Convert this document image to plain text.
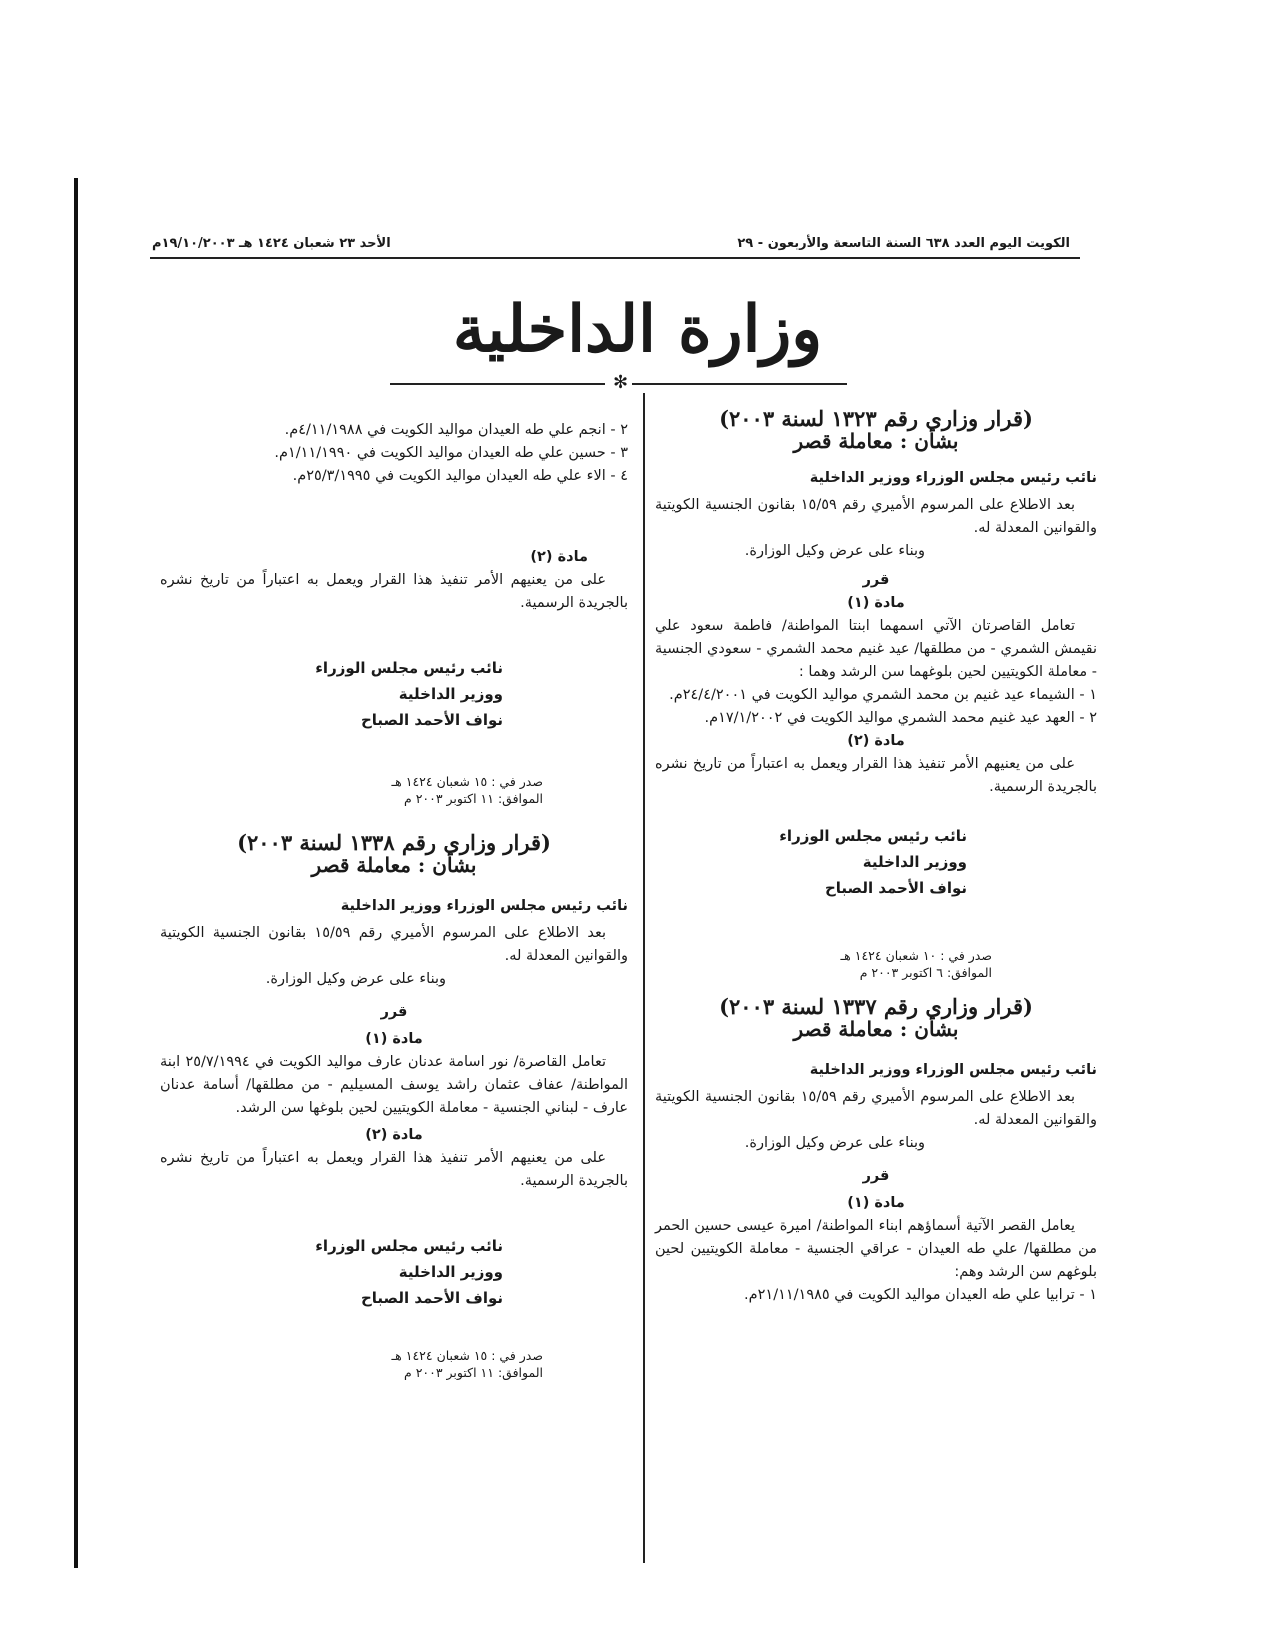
الكويت اليوم العدد ٦٣٨ السنة التاسعة والأربعون - ٢٩
الأحد ٢٣ شعبان ١٤٢٤ هـ ١٩/١٠/٢٠٠٣م
وزارة الداخلية
✻
(قرار وزاري رقم ١٣٢٣ لسنة ٢٠٠٣)
بشأن : معاملة قصر
نائب رئيس مجلس الوزراء ووزير الداخلية
بعد الاطلاع على المرسوم الأميري رقم ١٥/٥٩ بقانون الجنسية الكويتية والقوانين المعدلة له.
وبناء على عرض وكيل الوزارة.
قرر
مادة (١)
تعامل القاصرتان الآتي اسمهما ابنتا المواطنة/ فاطمة سعود علي نقيمش الشمري - من مطلقها/ عيد غنيم محمد الشمري - سعودي الجنسية - معاملة الكويتيين لحين بلوغهما سن الرشد وهما :
١ - الشيماء عيد غنيم بن محمد الشمري مواليد الكويت في ٢٤/٤/٢٠٠١م.
٢ - العهد عيد غنيم محمد الشمري مواليد الكويت في ١٧/١/٢٠٠٢م.
مادة (٢)
على من يعنيهم الأمر تنفيذ هذا القرار ويعمل به اعتباراً من تاريخ نشره بالجريدة الرسمية.
نائب رئيس مجلس الوزراء
ووزير الداخلية
نواف الأحمد الصباح
صدر في : ١٠ شعبان ١٤٢٤ هـ
الموافق: ٦ اكتوبر ٢٠٠٣ م
(قرار وزاري رقم ١٣٣٧ لسنة ٢٠٠٣)
بشأن : معاملة قصر
نائب رئيس مجلس الوزراء ووزير الداخلية
بعد الاطلاع على المرسوم الأميري رقم ١٥/٥٩ بقانون الجنسية الكويتية والقوانين المعدلة له.
وبناء على عرض وكيل الوزارة.
قرر
مادة (١)
يعامل القصر الآتية أسماؤهم ابناء المواطنة/ اميرة عيسى حسين الحمر من مطلقها/ علي طه العيدان - عراقي الجنسية - معاملة الكويتيين لحين بلوغهم سن الرشد وهم:
١ - ترابيا علي طه العيدان مواليد الكويت في ٢١/١١/١٩٨٥م.
٢ - انجم علي طه العيدان مواليد الكويت في ٤/١١/١٩٨٨م.
٣ - حسين علي طه العيدان مواليد الكويت في ١/١١/١٩٩٠م.
٤ - الاء علي طه العيدان مواليد الكويت في ٢٥/٣/١٩٩٥م.
مادة (٢)
على من يعنيهم الأمر تنفيذ هذا القرار ويعمل به اعتباراً من تاريخ نشره بالجريدة الرسمية.
نائب رئيس مجلس الوزراء
ووزير الداخلية
نواف الأحمد الصباح
صدر في : ١٥ شعبان ١٤٢٤ هـ
الموافق: ١١ اكتوبر ٢٠٠٣ م
(قرار وزاري رقم ١٣٣٨ لسنة ٢٠٠٣)
بشأن : معاملة قصر
نائب رئيس مجلس الوزراء ووزير الداخلية
بعد الاطلاع على المرسوم الأميري رقم ١٥/٥٩ بقانون الجنسية الكويتية والقوانين المعدلة له.
وبناء على عرض وكيل الوزارة.
قرر
مادة (١)
تعامل القاصرة/ نور اسامة عدنان عارف مواليد الكويت في ٢٥/٧/١٩٩٤ ابنة المواطنة/ عفاف عثمان راشد يوسف المسيليم - من مطلقها/ أسامة عدنان عارف - لبناني الجنسية - معاملة الكويتيين لحين بلوغها سن الرشد.
مادة (٢)
على من يعنيهم الأمر تنفيذ هذا القرار ويعمل به اعتباراً من تاريخ نشره بالجريدة الرسمية.
نائب رئيس مجلس الوزراء
ووزير الداخلية
نواف الأحمد الصباح
صدر في : ١٥ شعبان ١٤٢٤ هـ
الموافق: ١١ اكتوبر ٢٠٠٣ م
